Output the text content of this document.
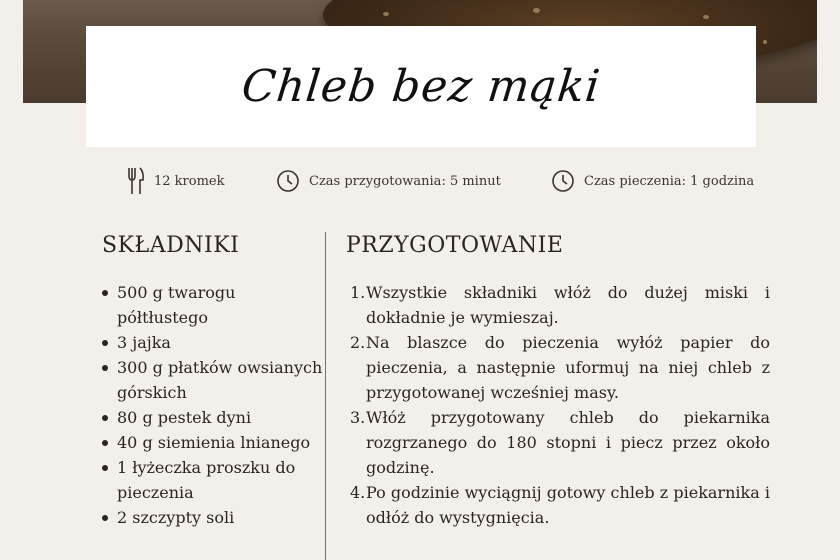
Chleb bez mąki
12 kromek	Czas przygotowania: 5 minut	Czas pieczenia: 1 godzina
SKŁADNIKI	PRZYGOTOWANIE
500 g twarogu półtłustego
3 jajka
300 g płatków owsianych górskich
80 g pestek dyni
40 g siemienia lnianego
1 łyżeczka proszku do pieczenia
2 szczypty soli
1. Wszystkie składniki włóż do dużej miski i dokładnie je wymieszaj.
2. Na blaszce do pieczenia wyłóż papier do pieczenia, a następnie uformuj na niej chleb z przygotowanej wcześniej masy.
3. Włóż przygotowany chleb do piekarnika rozgrzanego do 180 stopni i piecz przez około godzinę.
4. Po godzinie wyciągnij gotowy chleb z piekarnika i odłóż do wystygnięcia.
